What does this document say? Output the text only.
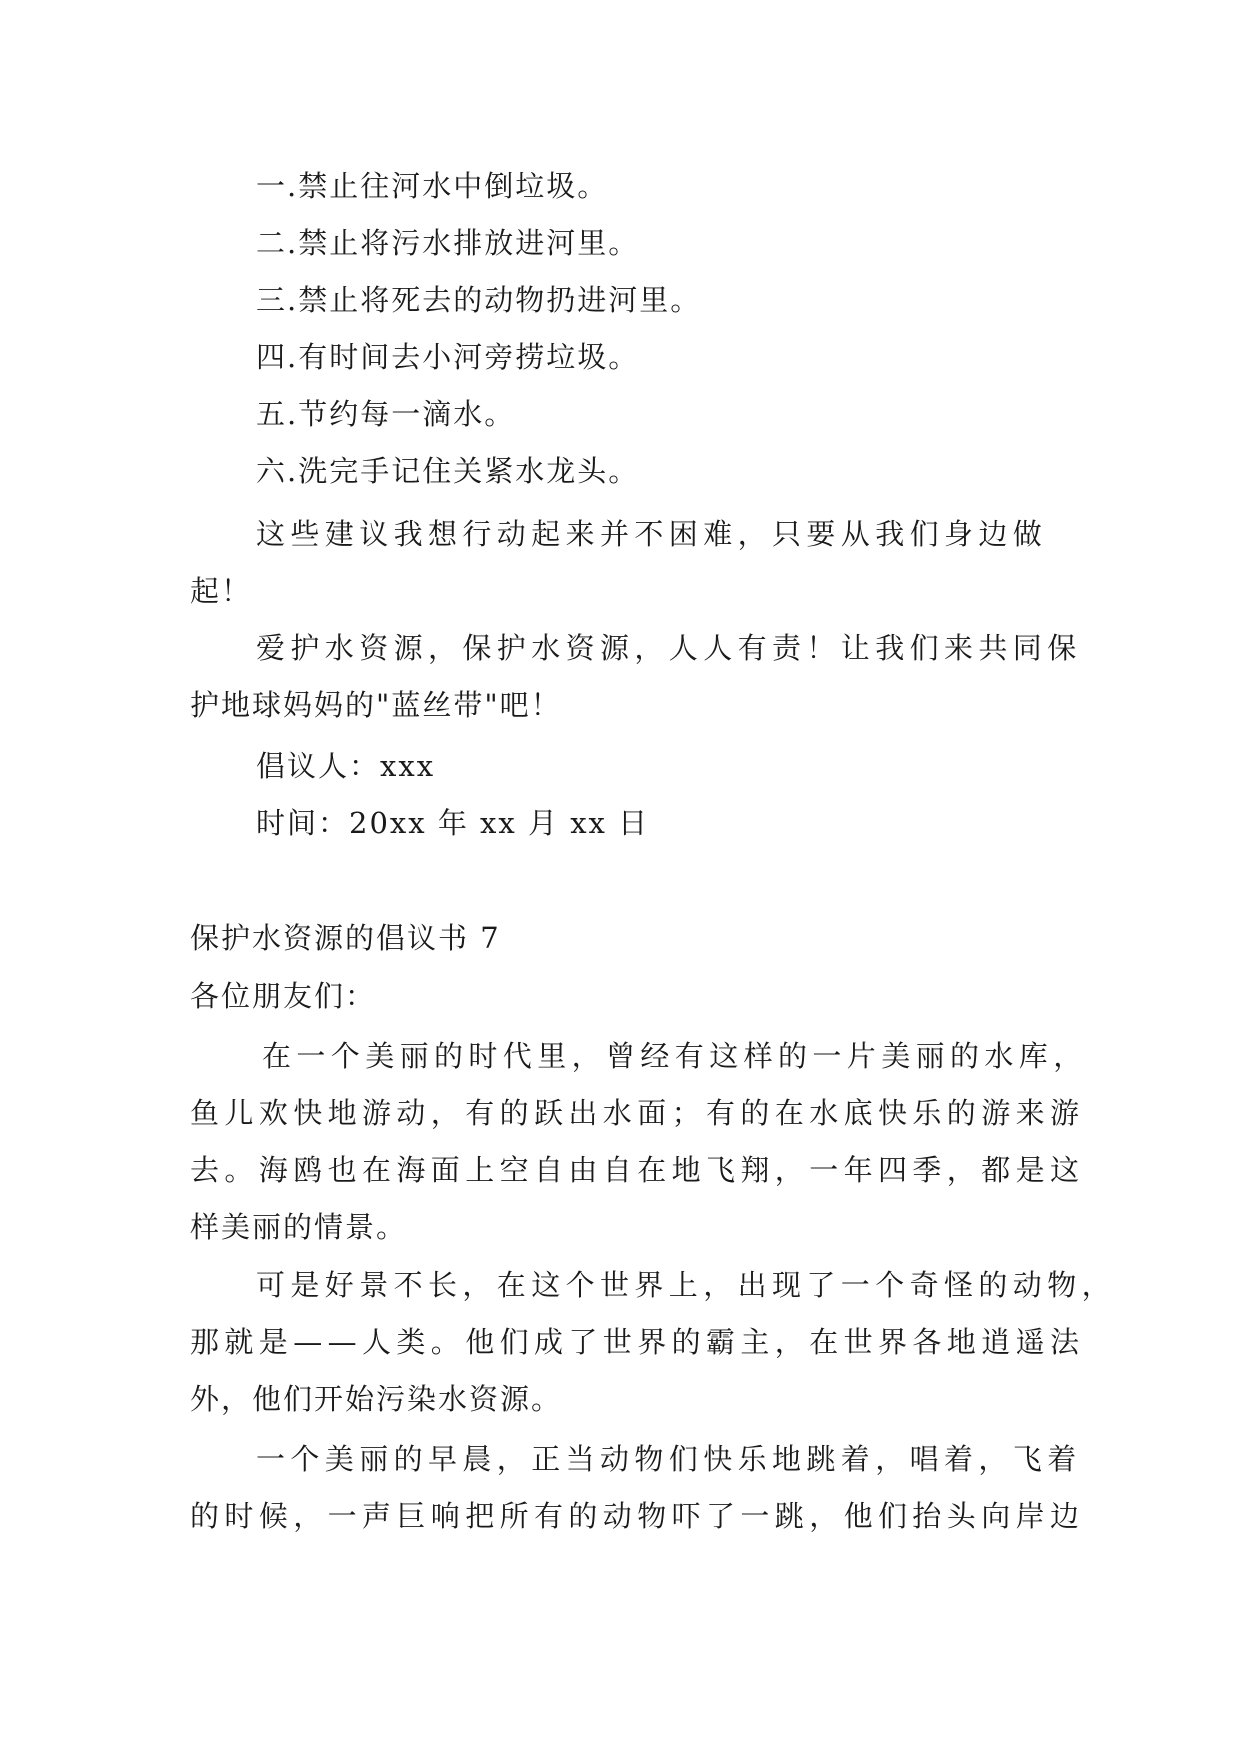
一.禁止往河水中倒垃圾。
二.禁止将污水排放进河里。
三.禁止将死去的动物扔进河里。
四.有时间去小河旁捞垃圾。
五.节约每一滴水。
六.洗完手记住关紧水龙头。
这些建议我想行动起来并不困难，只要从我们身边做
起！
爱护水资源，保护水资源，人人有责！让我们来共同保
护地球妈妈的"蓝丝带"吧！
倡议人：xxx
时间：20xx 年 xx 月 xx 日
保护水资源的倡议书 7
各位朋友们：
在一个美丽的时代里，曾经有这样的一片美丽的水库，
鱼儿欢快地游动，有的跃出水面；有的在水底快乐的游来游
去。海鸥也在海面上空自由自在地飞翔，一年四季，都是这
样美丽的情景。
可是好景不长，在这个世界上，出现了一个奇怪的动物，
那就是——人类。他们成了世界的霸主，在世界各地逍遥法
外，他们开始污染水资源。
一个美丽的早晨，正当动物们快乐地跳着，唱着，飞着
的时候，一声巨响把所有的动物吓了一跳，他们抬头向岸边
